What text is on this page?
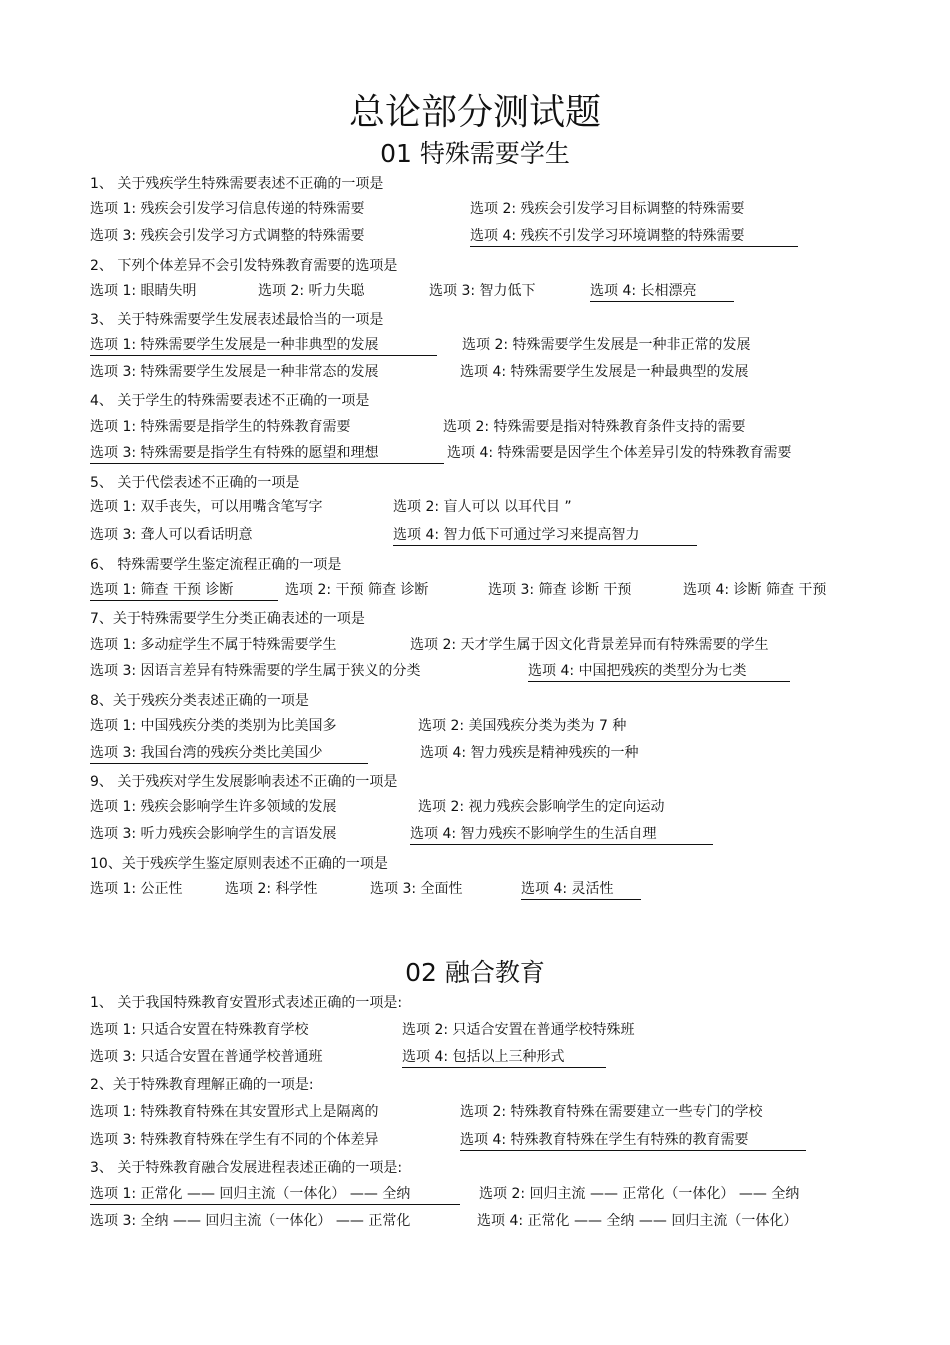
总论部分测试题
01 特殊需要学生
1、 关于残疾学生特殊需要表述不正确的一项是
选项 1: 残疾会引发学习信息传递的特殊需要	选项 2: 残疾会引发学习目标调整的特殊需要
选项 3: 残疾会引发学习方式调整的特殊需要	选项 4: 残疾不引发学习环境调整的特殊需要
2、 下列个体差异不会引发特殊教育需要的选项是
选项 1: 眼睛失明	选项 2: 听力失聪	选项 3: 智力低下	选项 4: 长相漂亮
3、 关于特殊需要学生发展表述最恰当的一项是
选项 1: 特殊需要学生发展是一种非典型的发展	选项 2: 特殊需要学生发展是一种非正常的发展
选项 3: 特殊需要学生发展是一种非常态的发展	选项 4: 特殊需要学生发展是一种最典型的发展
4、 关于学生的特殊需要表述不正确的一项是
选项 1: 特殊需要是指学生的特殊教育需要	选项 2: 特殊需要是指对特殊教育条件支持的需要
选项 3: 特殊需要是指学生有特殊的愿望和理想	选项 4: 特殊需要是因学生个体差异引发的特殊教育需要
5、 关于代偿表述不正确的一项是
选项 1: 双手丧失，可以用嘴含笔写字	选项 2: 盲人可以 以耳代目 ”
选项 3: 聋人可以看话明意	选项 4: 智力低下可通过学习来提高智力
6、 特殊需要学生鉴定流程正确的一项是
选项 1: 筛查 干预 诊断	选项 2: 干预 筛查 诊断	选项 3: 筛查 诊断 干预	选项 4: 诊断 筛查 干预
7、关于特殊需要学生分类正确表述的一项是
选项 1: 多动症学生不属于特殊需要学生	选项 2: 天才学生属于因文化背景差异而有特殊需要的学生
选项 3: 因语言差异有特殊需要的学生属于狭义的分类	选项 4: 中国把残疾的类型分为七类
8、关于残疾分类表述正确的一项是
选项 1: 中国残疾分类的类别为比美国多	选项 2: 美国残疾分类为类为 7 种
选项 3: 我国台湾的残疾分类比美国少	选项 4: 智力残疾是精神残疾的一种
9、 关于残疾对学生发展影响表述不正确的一项是
选项 1: 残疾会影响学生许多领域的发展	选项 2: 视力残疾会影响学生的定向运动
选项 3: 听力残疾会影响学生的言语发展	选项 4: 智力残疾不影响学生的生活自理
10、关于残疾学生鉴定原则表述不正确的一项是
选项 1: 公正性	选项 2: 科学性	选项 3: 全面性	选项 4: 灵活性
02 融合教育
1、 关于我国特殊教育安置形式表述正确的一项是:
选项 1: 只适合安置在特殊教育学校	选项 2: 只适合安置在普通学校特殊班
选项 3: 只适合安置在普通学校普通班	选项 4: 包括以上三种形式
2、关于特殊教育理解正确的一项是:
选项 1: 特殊教育特殊在其安置形式上是隔离的	选项 2: 特殊教育特殊在需要建立一些专门的学校
选项 3: 特殊教育特殊在学生有不同的个体差异	选项 4: 特殊教育特殊在学生有特殊的教育需要
3、 关于特殊教育融合发展进程表述正确的一项是:
选项 1: 正常化 —— 回归主流（一体化） —— 全纳	选项 2: 回归主流 —— 正常化（一体化） —— 全纳
选项 3: 全纳 —— 回归主流（一体化） —— 正常化	选项 4: 正常化 —— 全纳 —— 回归主流（一体化）
